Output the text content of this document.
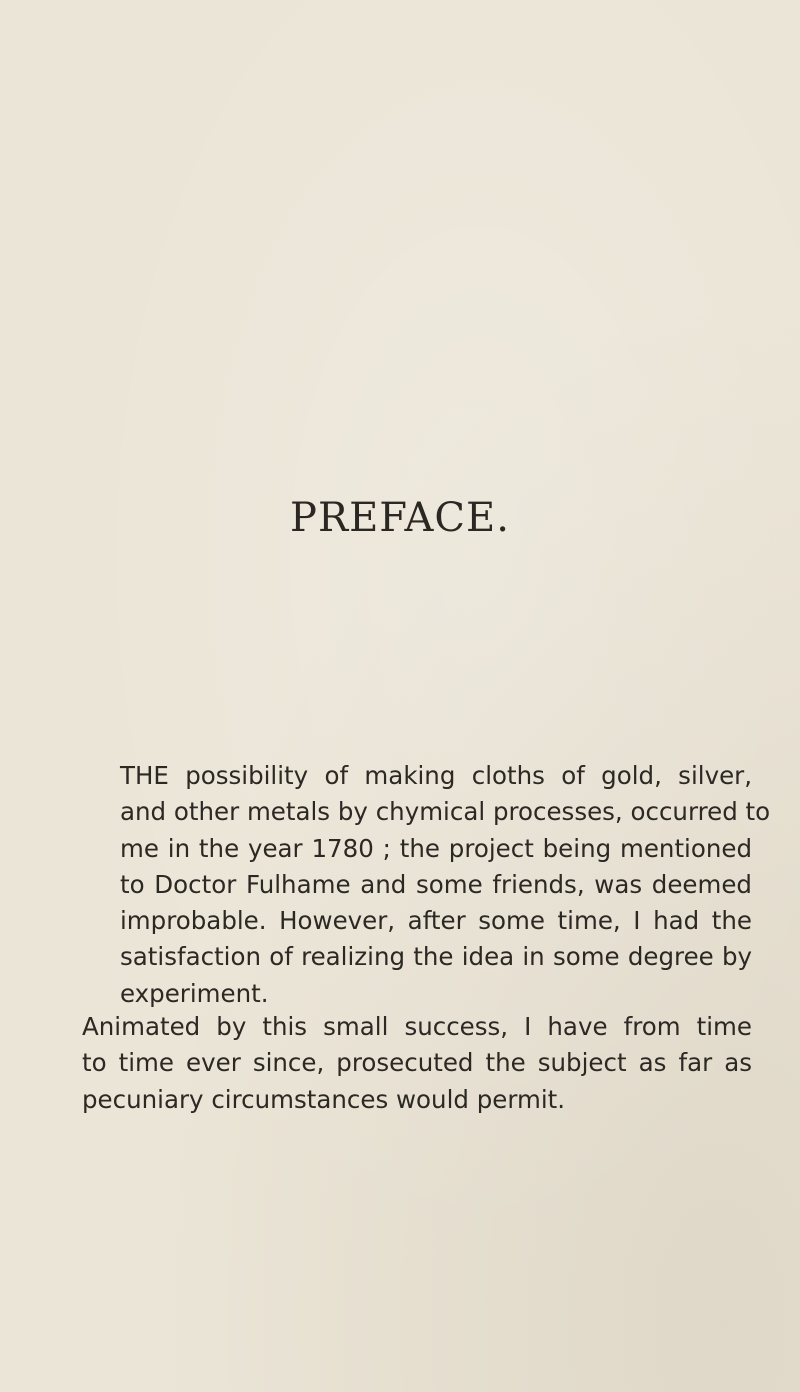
PREFACE.
THE possibility of making cloths of gold, silver,
and other metals by chymical processes, occurred to
me in the year 1780 ; the project being mentioned
to Doctor Fulhame and some friends, was deemed
improbable. However, after some time, I had the
satisfaction of realizing the idea in some degree by
experiment.
Animated by this small success, I have from time
to time ever since, prosecuted the subject as far as
pecuniary circumstances would permit.
